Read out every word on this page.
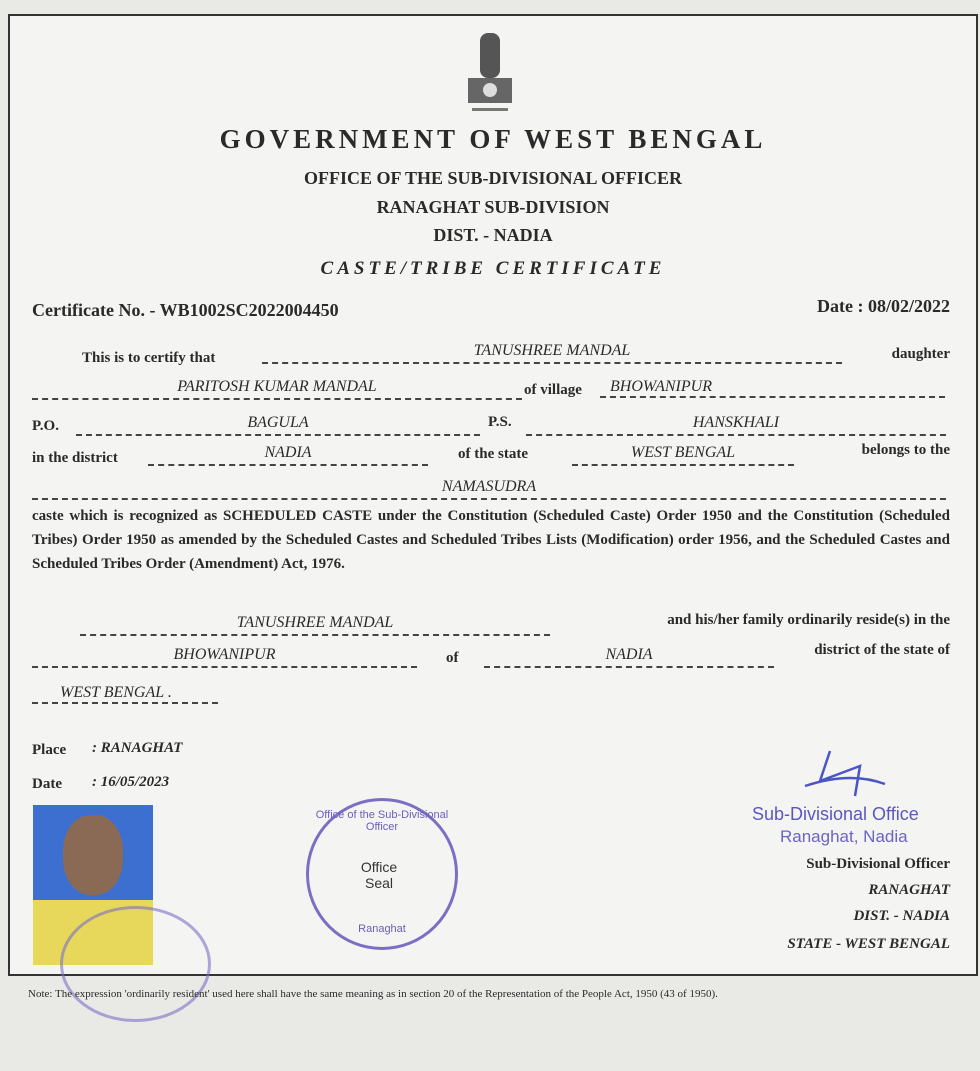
GOVERNMENT OF WEST BENGAL
OFFICE OF THE SUB-DIVISIONAL OFFICER
RANAGHAT SUB-DIVISION
DIST. - NADIA
CASTE/TRIBE CERTIFICATE
Certificate No. - WB1002SC2022004450	Date : 08/02/2022
This is to certify that	TANUSHREE MANDAL	daughter
PARITOSH KUMAR MANDAL	of village	BHOWANIPUR
P.O.	BAGULA	P.S.	HANSKHALI
in the district	NADIA	of the state	WEST BENGAL	belongs to the
NAMASUDRA
caste which is recognized as SCHEDULED CASTE under the Constitution (Scheduled Caste) Order 1950 and the Constitution (Scheduled Tribes) Order 1950 as amended by the Scheduled Castes and Scheduled Tribes Lists (Modification) order 1956, and the Scheduled Castes and Scheduled Tribes Order (Amendment) Act, 1976.
TANUSHREE MANDAL	and his/her family ordinarily reside(s) in the
BHOWANIPUR	of	NADIA	district of the state of
WEST BENGAL .
Place : RANAGHAT
Date : 16/05/2023
Office of the Sub-Divisional Officer
Office Seal
Ranaghat
Sub-Divisional Office
Ranaghat, Nadia
Sub-Divisional Officer
RANAGHAT
DIST. - NADIA
STATE - WEST BENGAL
Note: The expression 'ordinarily resident' used here shall have the same meaning as in section 20 of the Representation of the People Act, 1950 (43 of 1950).
